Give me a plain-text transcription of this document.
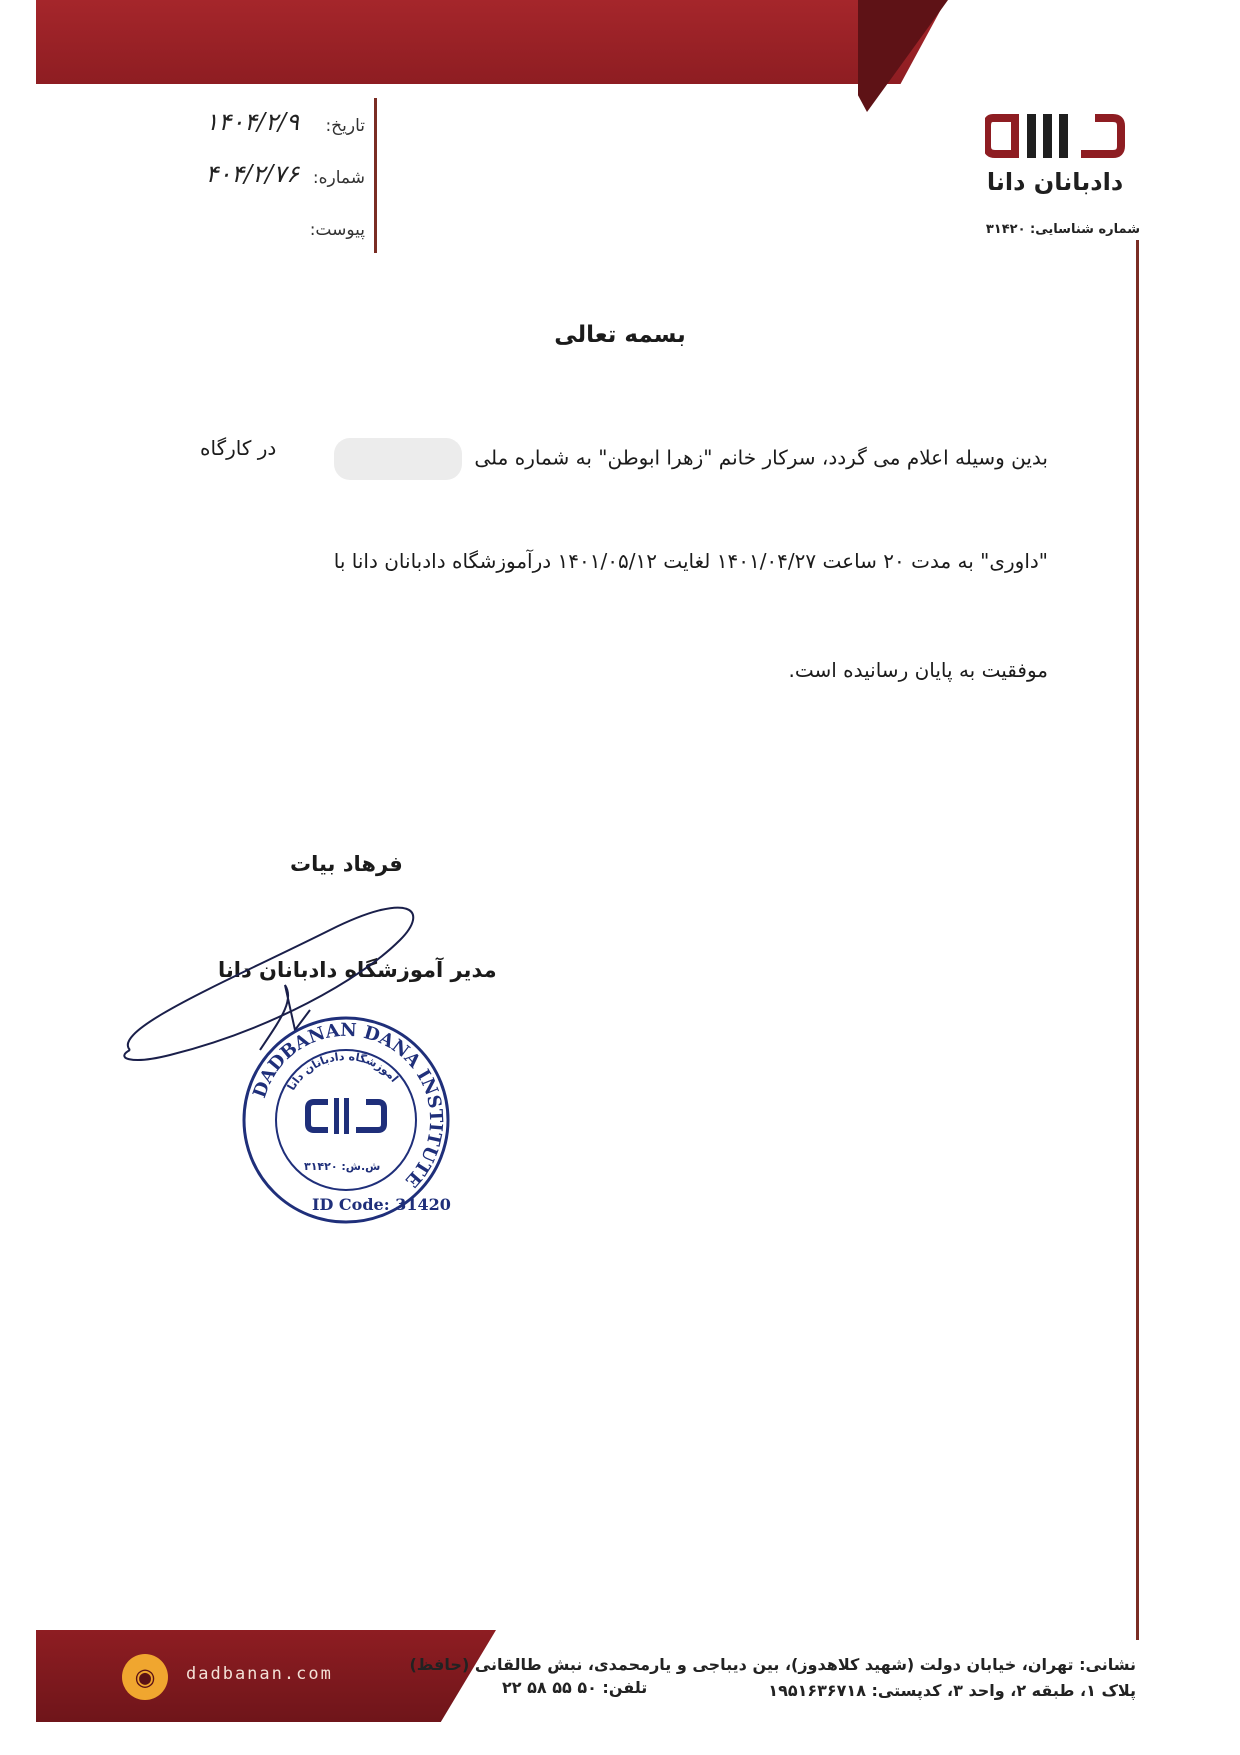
تاریخ:
۱۴۰۴/۲/۹
شماره:
۴۰۴/۲/۷۶
پیوست:
دادبانان دانا
شماره شناسایی: ۳۱۴۲۰
بسمه تعالی
بدین وسیله اعلام می گردد، سرکار خانم "زهرا ابوطن" به شماره ملی
در کارگاه
"داوری" به مدت ۲۰ ساعت ۱۴۰۱/۰۴/۲۷ لغایت ۱۴۰۱/۰۵/۱۲ درآموزشگاه دادبانان دانا با
موفقیت به پایان رسانیده است.
فرهاد بیات
مدیر آموزشگاه دادبانان دانا
DADBANAN DANA INSTITUTE
ID Code: 31420
آموزشگاه دادبانان دانا
ش.ش: ۳۱۴۲۰
◉	dadbanan.com	نشانی: تهران، خیابان دولت (شهید کلاهدوز)، بین دیباجی و یارمحمدی، نبش طالقانی (حافظ)
پلاک ۱، طبقه ۲، واحد ۳، کدپستی: ۱۹۵۱۶۳۶۷۱۸
تلفن: ۵۰ ۵۵ ۵۸ ۲۲
